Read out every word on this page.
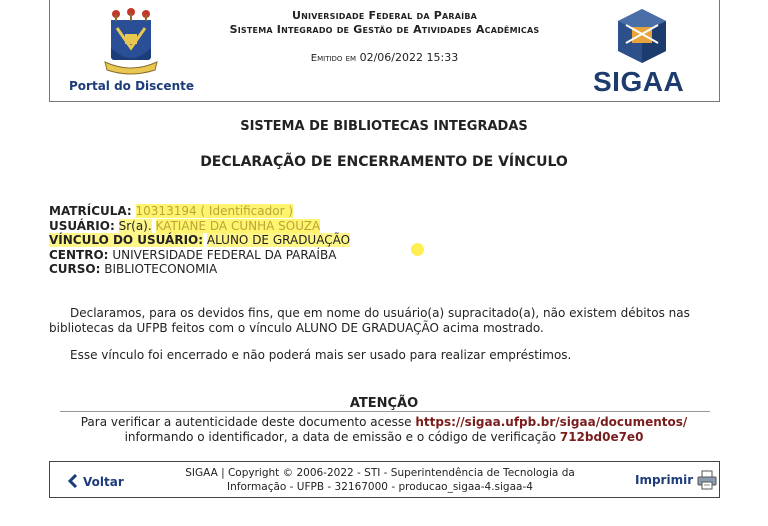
Portal do Discente
Universidade Federal da Paraíba
Sistema Integrado de Gestão de Atividades Acadêmicas
Emitido em 02/06/2022 15:33
SIGAA
SISTEMA DE BIBLIOTECAS INTEGRADAS
DECLARAÇÃO DE ENCERRAMENTO DE VÍNCULO
MATRÍCULA: 10313194 ( Identificador )
USUÁRIO: Sr(a). KATIANE DA CUNHA SOUZA
VÍNCULO DO USUÁRIO: ALUNO DE GRADUAÇÃO
CENTRO: UNIVERSIDADE FEDERAL DA PARAÍBA
CURSO: BIBLIOTECONOMIA

Declaramos, para os devidos fins, que em nome do usuário(a) supracitado(a), não existem débitos nas bibliotecas da UFPB feitos com o vínculo ALUNO DE GRADUAÇÃO acima mostrado.

Esse vínculo foi encerrado e não poderá mais ser usado para realizar empréstimos.
ATENÇÃO
Para verificar a autenticidade deste documento acesse https://sigaa.ufpb.br/sigaa/documentos/
informando o identificador, a data de emissão e o código de verificação 712bd0e7e0
Voltar
SIGAA | Copyright © 2006-2022 - STI - Superintendência de Tecnologia da
Informação - UFPB - 32167000 - producao_sigaa-4.sigaa-4	Imprimir
